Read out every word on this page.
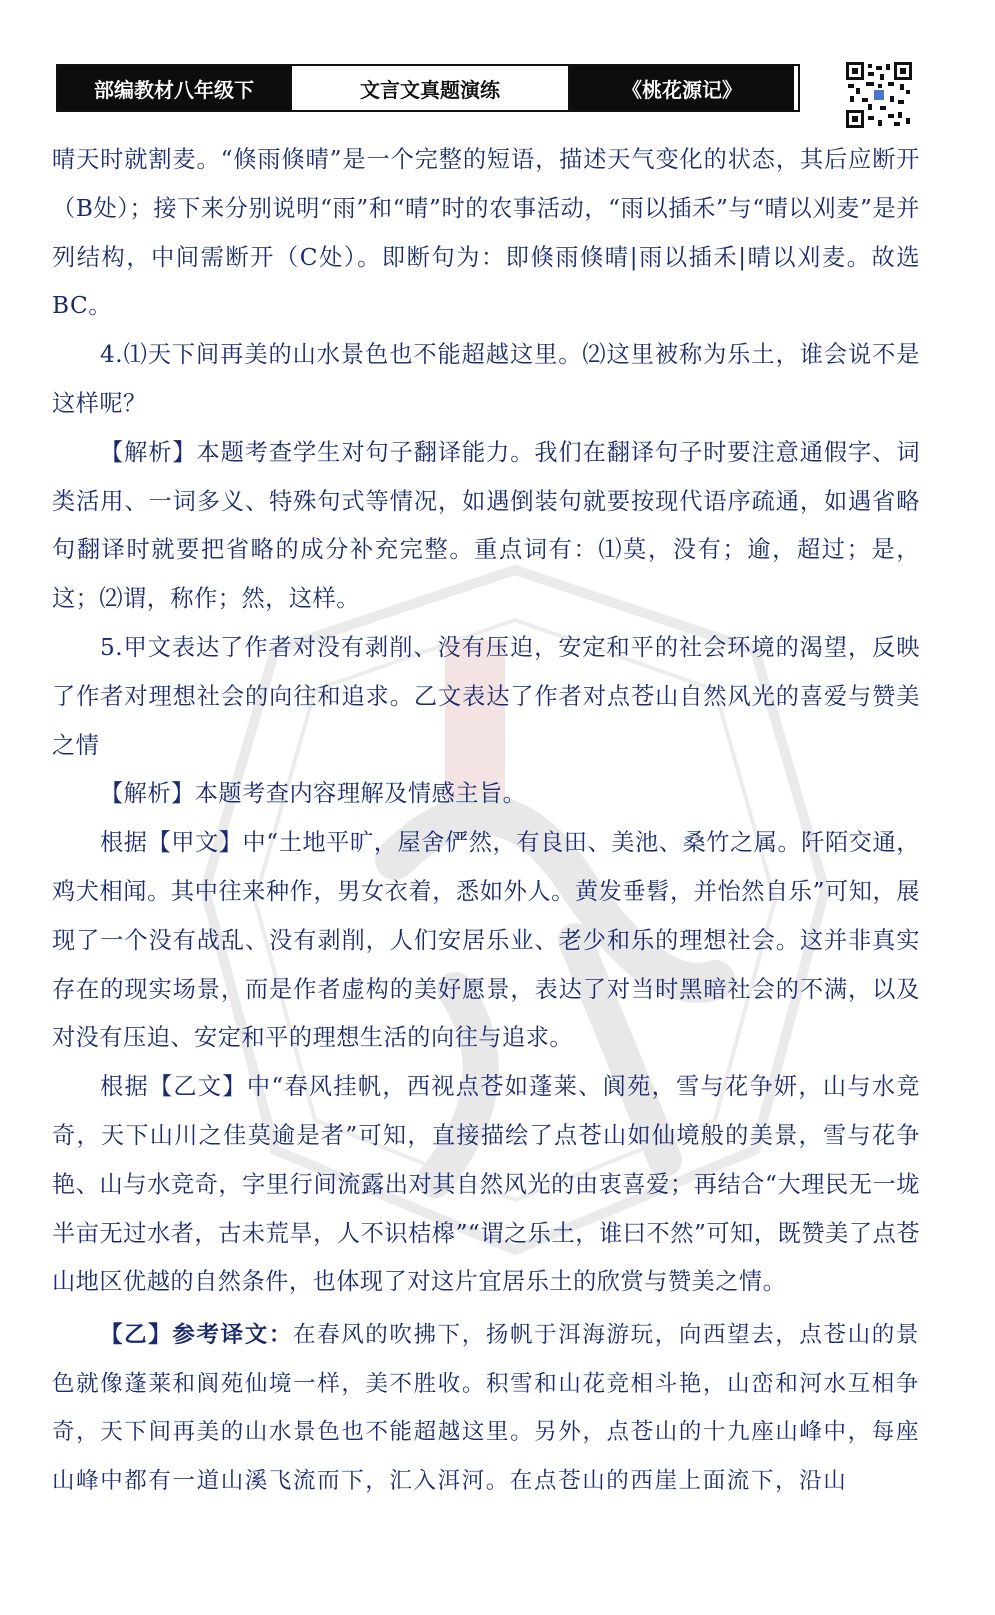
部编教材八年级下	文言文真题演练	《桃花源记》

晴天时就割麦。“倏雨倏晴”是一个完整的短语，描述天气变化的状态，其后应断开（B处）；接下来分别说明“雨”和“晴”时的农事活动，“雨以插禾”与“晴以刈麦”是并列结构，中间需断开（C处）。即断句为：即倏雨倏晴|雨以插禾|晴以刈麦。故选BC。

4.⑴天下间再美的山水景色也不能超越这里。⑵这里被称为乐土，谁会说不是这样呢？

【解析】本题考查学生对句子翻译能力。我们在翻译句子时要注意通假字、词类活用、一词多义、特殊句式等情况，如遇倒装句就要按现代语序疏通，如遇省略句翻译时就要把省略的成分补充完整。重点词有：⑴莫，没有；逾，超过；是，这；⑵谓，称作；然，这样。

5.甲文表达了作者对没有剥削、没有压迫，安定和平的社会环境的渴望，反映了作者对理想社会的向往和追求。乙文表达了作者对点苍山自然风光的喜爱与赞美之情

【解析】本题考查内容理解及情感主旨。

根据【甲文】中“土地平旷，屋舍俨然，有良田、美池、桑竹之属。阡陌交通，鸡犬相闻。其中往来种作，男女衣着，悉如外人。黄发垂髫，并怡然自乐”可知，展现了一个没有战乱、没有剥削，人们安居乐业、老少和乐的理想社会。这并非真实存在的现实场景，而是作者虚构的美好愿景，表达了对当时黑暗社会的不满，以及对没有压迫、安定和平的理想生活的向往与追求。

根据【乙文】中“春风挂帆，西视点苍如蓬莱、阆苑，雪与花争妍，山与水竞奇，天下山川之佳莫逾是者”可知，直接描绘了点苍山如仙境般的美景，雪与花争艳、山与水竞奇，字里行间流露出对其自然风光的由衷喜爱；再结合“大理民无一垅半亩无过水者，古未荒旱，人不识桔槔”“谓之乐土，谁曰不然”可知，既赞美了点苍山地区优越的自然条件，也体现了对这片宜居乐土的欣赏与赞美之情。

【乙】参考译文：在春风的吹拂下，扬帆于洱海游玩，向西望去，点苍山的景色就像蓬莱和阆苑仙境一样，美不胜收。积雪和山花竞相斗艳，山峦和河水互相争奇，天下间再美的山水景色也不能超越这里。另外，点苍山的十九座山峰中，每座山峰中都有一道山溪飞流而下，汇入洱河。在点苍山的西崖上面流下，沿山
